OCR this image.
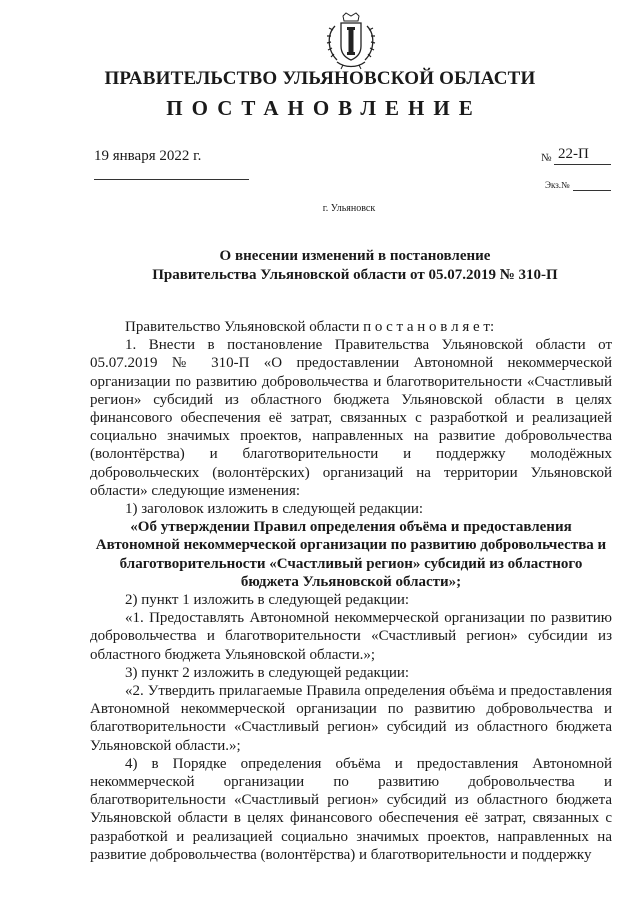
ПРАВИТЕЛЬСТВО УЛЬЯНОВСКОЙ ОБЛАСТИ
ПОСТАНОВЛЕНИЕ
19 января 2022 г.	№ 22-П
Экз.№
г. Ульяновск
О внесении изменений в постановление
Правительства Ульяновской области от 05.07.2019 № 310-П

Правительство Ульяновской области п о с т а н о в л я е т:

1. Внести в постановление Правительства Ульяновской области от 05.07.2019 № 310-П «О предоставлении Автономной некоммерческой организации по развитию добровольчества и благотворительности «Счастливый регион» субсидий из областного бюджета Ульяновской области в целях финансового обеспечения её затрат, связанных с разработкой и реализацией социально значимых проектов, направленных на развитие добровольчества (волонтёрства) и благотворительности и поддержку молодёжных добровольческих (волонтёрских) организаций на территории Ульяновской области» следующие изменения:

1) заголовок изложить в следующей редакции:

«Об утверждении Правил определения объёма и предоставления Автономной некоммерческой организации по развитию добровольчества и благотворительности «Счастливый регион» субсидий из областного бюджета Ульяновской области»;

2) пункт 1 изложить в следующей редакции:

«1. Предоставлять Автономной некоммерческой организации по развитию добровольчества и благотворительности «Счастливый регион» субсидии из областного бюджета Ульяновской области.»;

3) пункт 2 изложить в следующей редакции:

«2. Утвердить прилагаемые Правила определения объёма и предоставления Автономной некоммерческой организации по развитию добровольчества и благотворительности «Счастливый регион» субсидий из областного бюджета Ульяновской области.»;

4) в Порядке определения объёма и предоставления Автономной некоммерческой организации по развитию добровольчества и благотворительности «Счастливый регион» субсидий из областного бюджета Ульяновской области в целях финансового обеспечения её затрат, связанных с разработкой и реализацией социально значимых проектов, направленных на развитие добровольчества (волонтёрства) и благотворительности и поддержку
